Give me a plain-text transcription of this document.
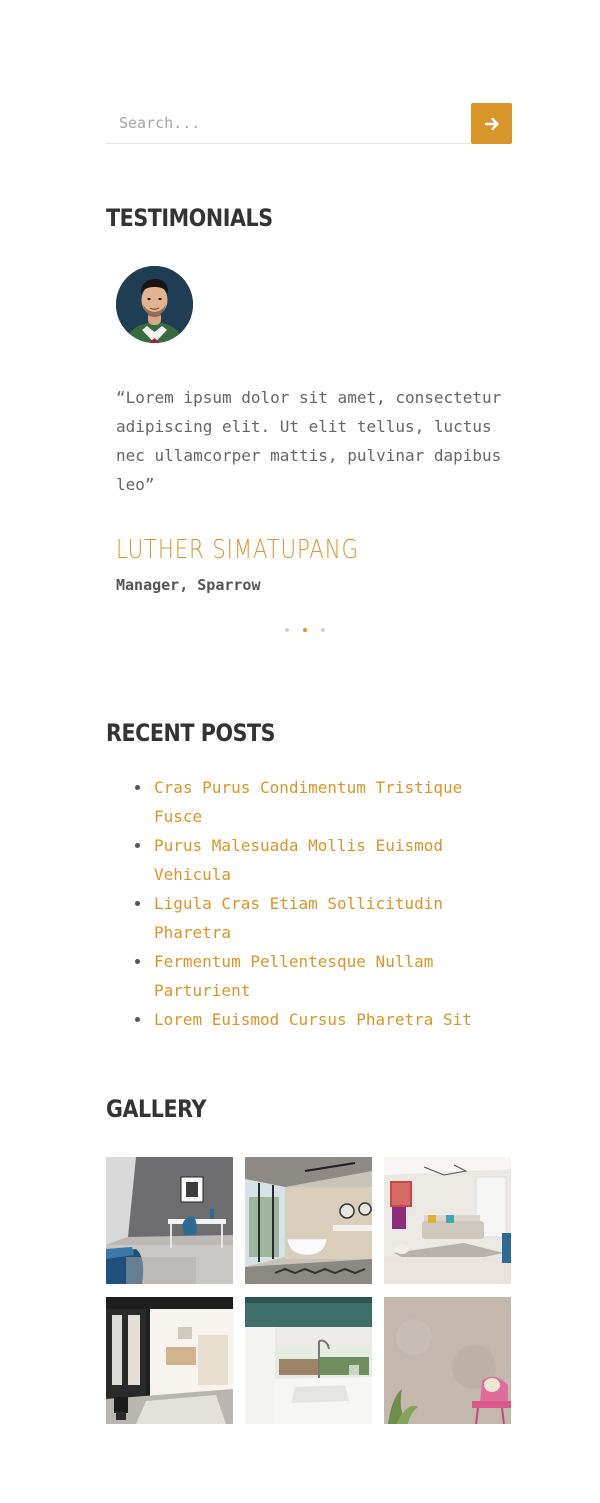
Search...
TESTIMONIALS

“Lorem ipsum dolor sit amet, consectetur adipiscing elit. Ut elit tellus, luctus nec ullamcorper mattis, pulvinar dapibus leo”

LUTHER SIMATUPANG
Manager, Sparrow
RECENT POSTS
Cras Purus Condimentum Tristique Fusce
Purus Malesuada Mollis Euismod Vehicula
Ligula Cras Etiam Sollicitudin Pharetra
Fermentum Pellentesque Nullam Parturient
Lorem Euismod Cursus Pharetra Sit
GALLERY
